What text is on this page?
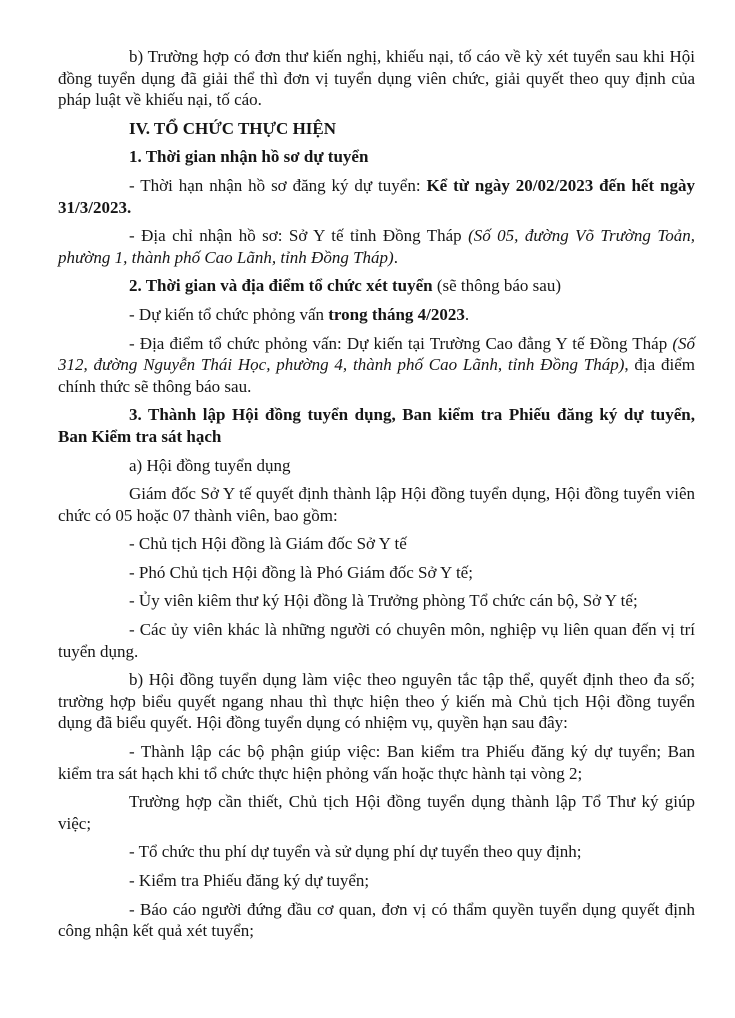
b) Trường hợp có đơn thư kiến nghị, khiếu nại, tố cáo về kỳ xét tuyển sau khi Hội đồng tuyển dụng đã giải thể thì đơn vị tuyển dụng viên chức, giải quyết theo quy định của pháp luật về khiếu nại, tố cáo.

IV. TỔ CHỨC THỰC HIỆN

1. Thời gian nhận hồ sơ dự tuyển

- Thời hạn nhận hồ sơ đăng ký dự tuyển: Kể từ ngày 20/02/2023 đến hết ngày 31/3/2023.

- Địa chỉ nhận hồ sơ: Sở Y tế tỉnh Đồng Tháp (Số 05, đường Võ Trường Toản, phường 1, thành phố Cao Lãnh, tỉnh Đồng Tháp).

2. Thời gian và địa điểm tổ chức xét tuyển (sẽ thông báo sau)

- Dự kiến tổ chức phỏng vấn trong tháng 4/2023.

- Địa điểm tổ chức phỏng vấn: Dự kiến tại Trường Cao đẳng Y tế Đồng Tháp (Số 312, đường Nguyễn Thái Học, phường 4, thành phố Cao Lãnh, tỉnh Đồng Tháp), địa điểm chính thức sẽ thông báo sau.

3. Thành lập Hội đồng tuyển dụng, Ban kiểm tra Phiếu đăng ký dự tuyển, Ban Kiểm tra sát hạch

a) Hội đồng tuyển dụng

Giám đốc Sở Y tế quyết định thành lập Hội đồng tuyển dụng, Hội đồng tuyển viên chức có 05 hoặc 07 thành viên, bao gồm:

- Chủ tịch Hội đồng là Giám đốc Sở Y tế

- Phó Chủ tịch Hội đồng là Phó Giám đốc Sở Y tế;

- Ủy viên kiêm thư ký Hội đồng là Trưởng phòng Tổ chức cán bộ, Sở Y tế;

- Các ủy viên khác là những người có chuyên môn, nghiệp vụ liên quan đến vị trí tuyển dụng.

b) Hội đồng tuyển dụng làm việc theo nguyên tắc tập thể, quyết định theo đa số; trường hợp biểu quyết ngang nhau thì thực hiện theo ý kiến mà Chủ tịch Hội đồng tuyển dụng đã biểu quyết. Hội đồng tuyển dụng có nhiệm vụ, quyền hạn sau đây:

- Thành lập các bộ phận giúp việc: Ban kiểm tra Phiếu đăng ký dự tuyển; Ban kiểm tra sát hạch khi tổ chức thực hiện phỏng vấn hoặc thực hành tại vòng 2;

Trường hợp cần thiết, Chủ tịch Hội đồng tuyển dụng thành lập Tổ Thư ký giúp việc;

- Tổ chức thu phí dự tuyển và sử dụng phí dự tuyển theo quy định;

- Kiểm tra Phiếu đăng ký dự tuyển;

- Báo cáo người đứng đầu cơ quan, đơn vị có thẩm quyền tuyển dụng quyết định công nhận kết quả xét tuyển;
